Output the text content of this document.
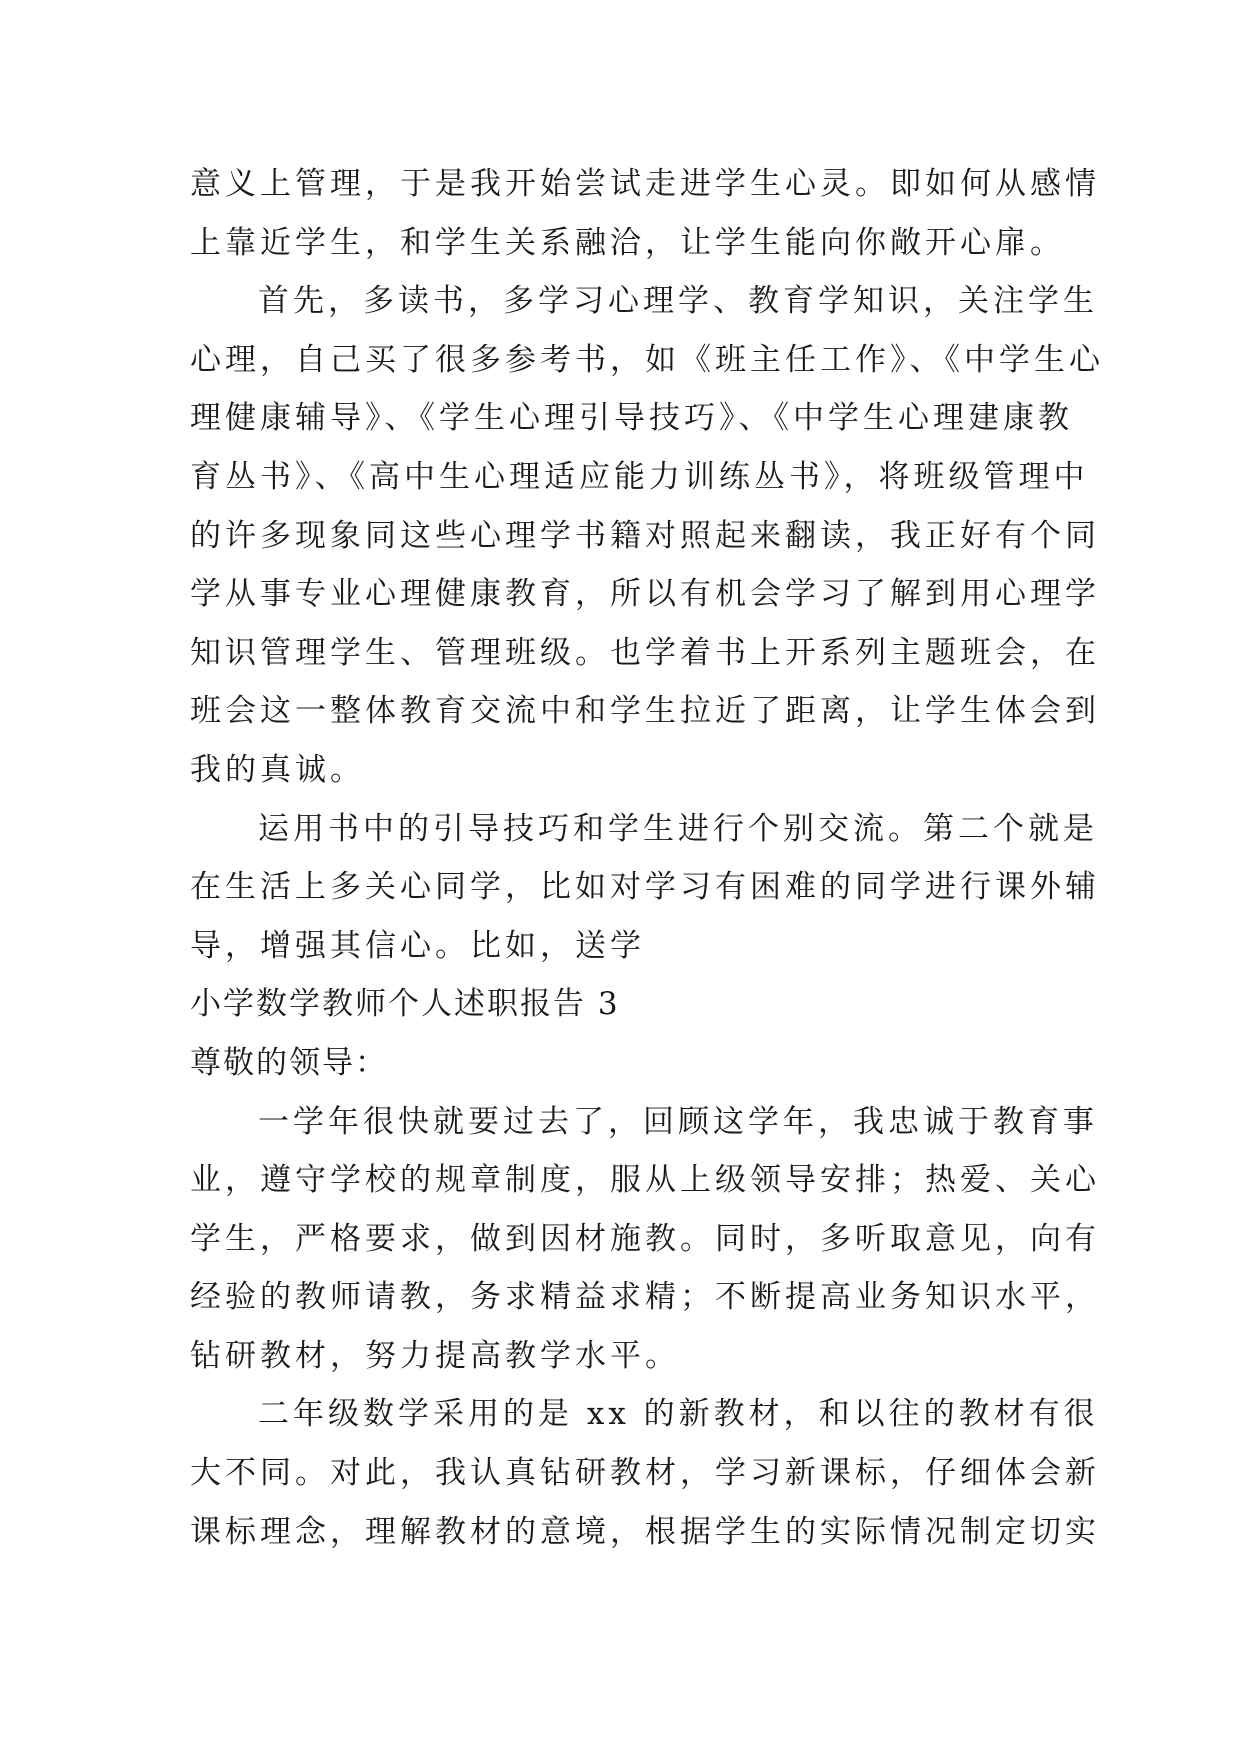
意义上管理，于是我开始尝试走进学生心灵。即如何从感情
上靠近学生，和学生关系融洽，让学生能向你敞开心扉。
首先，多读书，多学习心理学、教育学知识，关注学生
心理，自己买了很多参考书，如《班主任工作》、《中学生心
理健康辅导》、《学生心理引导技巧》、《中学生心理建康教
育丛书》、《高中生心理适应能力训练丛书》，将班级管理中
的许多现象同这些心理学书籍对照起来翻读，我正好有个同
学从事专业心理健康教育，所以有机会学习了解到用心理学
知识管理学生、管理班级。也学着书上开系列主题班会，在
班会这一整体教育交流中和学生拉近了距离，让学生体会到
我的真诚。
运用书中的引导技巧和学生进行个别交流。第二个就是
在生活上多关心同学，比如对学习有困难的同学进行课外辅
导，增强其信心。比如，送学
小学数学教师个人述职报告 3
尊敬的领导：
一学年很快就要过去了，回顾这学年，我忠诚于教育事
业，遵守学校的规章制度，服从上级领导安排；热爱、关心
学生，严格要求，做到因材施教。同时，多听取意见，向有
经验的教师请教，务求精益求精；不断提高业务知识水平，
钻研教材，努力提高教学水平。
二年级数学采用的是 xx 的新教材，和以往的教材有很
大不同。对此，我认真钻研教材，学习新课标，仔细体会新
课标理念，理解教材的意境，根据学生的实际情况制定切实
